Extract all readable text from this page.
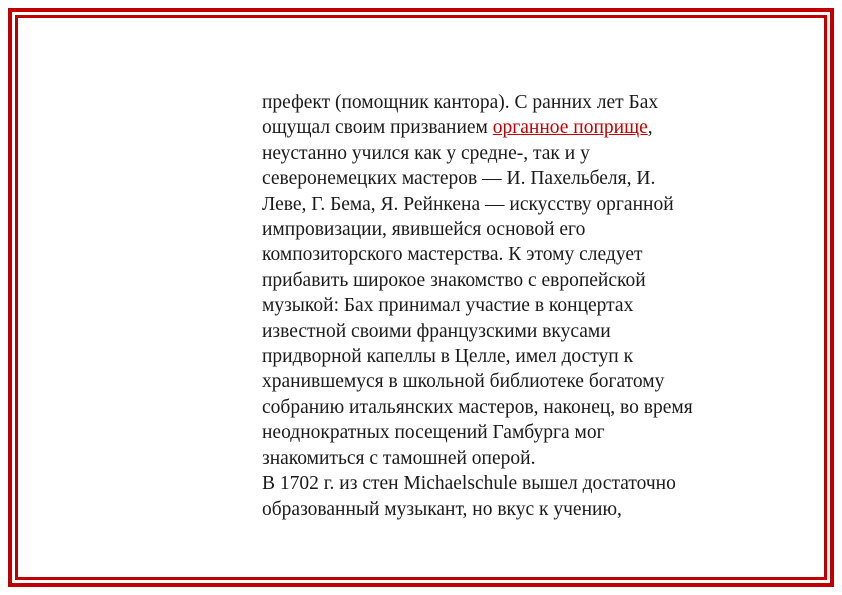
префект (помощник кантора). С ранних лет Бах
ощущал своим призванием органное поприще,
неустанно учился как у средне-, так и у
северонемецких мастеров — И. Пахельбеля, И.
Леве, Г. Бема, Я. Рейнкена — искусству органной
импровизации, явившейся основой его
композиторского мастерства. К этому следует
прибавить широкое знакомство с европейской
музыкой: Бах принимал участие в концертах
известной своими французскими вкусами
придворной капеллы в Целле, имел доступ к
хранившемуся в школьной библиотеке богатому
собранию итальянских мастеров, наконец, во время
неоднократных посещений Гамбурга мог
знакомиться с тамошней оперой.
В 1702 г. из стен Michaelschule вышел достаточно
образованный музыкант, но вкус к учению,
